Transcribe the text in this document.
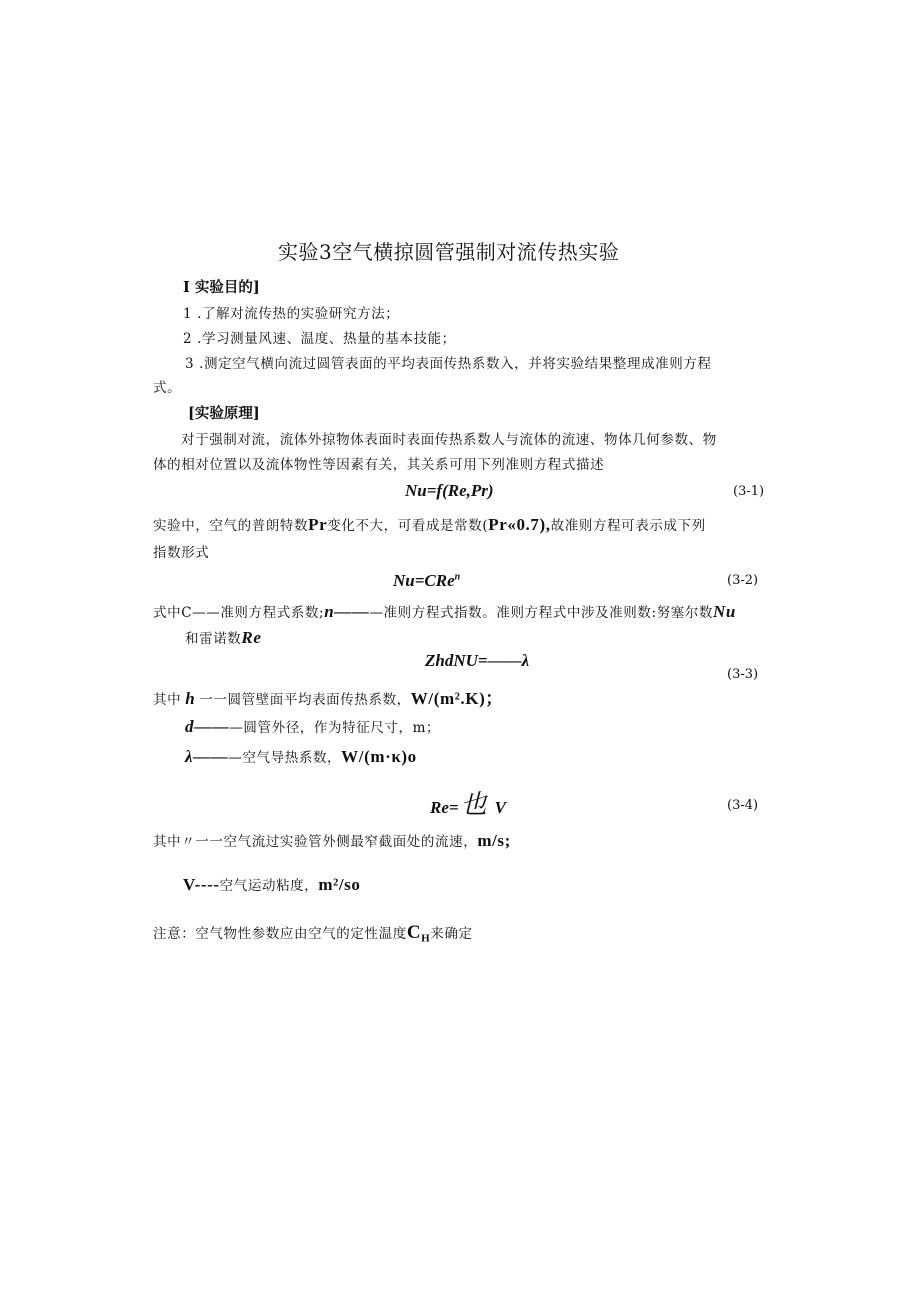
实验3空气横掠圆管强制对流传热实验
I 实验目的]
1 .了解对流传热的实验研究方法；
2 .学习测量风速、温度、热量的基本技能；
3 .测定空气横向流过圆管表面的平均表面传热系数入，并将实验结果整理成准则方程
式。
[实验原理]
对于强制对流，流体外掠物体表面时表面传热系数人与流体的流速、物体几何参数、物
体的相对位置以及流体物性等因素有关，其关系可用下列准则方程式描述
Nu=f(Re,Pr)	(3-1)
实验中，空气的普朗特数Pr变化不大，可看成是常数(Pr«0.7),故准则方程可表示成下列
指数形式
Nu=CRe$^n$	(3-2)
式中C——准则方程式系数;n———准则方程式指数。准则方程式中涉及准则数:努塞尔数Nu
和雷诺数Re
ZhdNU=——λ
(3-3)
其中 h 一一圆管壁面平均表面传热系数，W/(m².K)；
d———圆管外径，作为特征尺寸，m；
λ———空气导热系数，W/(m·κ)o
Re=也 V	(3-4)
其中〃一一空气流过实验管外侧最窄截面处的流速，m/s;
V----空气运动粘度，m²/so
注意：空气物性参数应由空气的定性温度$C_H$来确定
